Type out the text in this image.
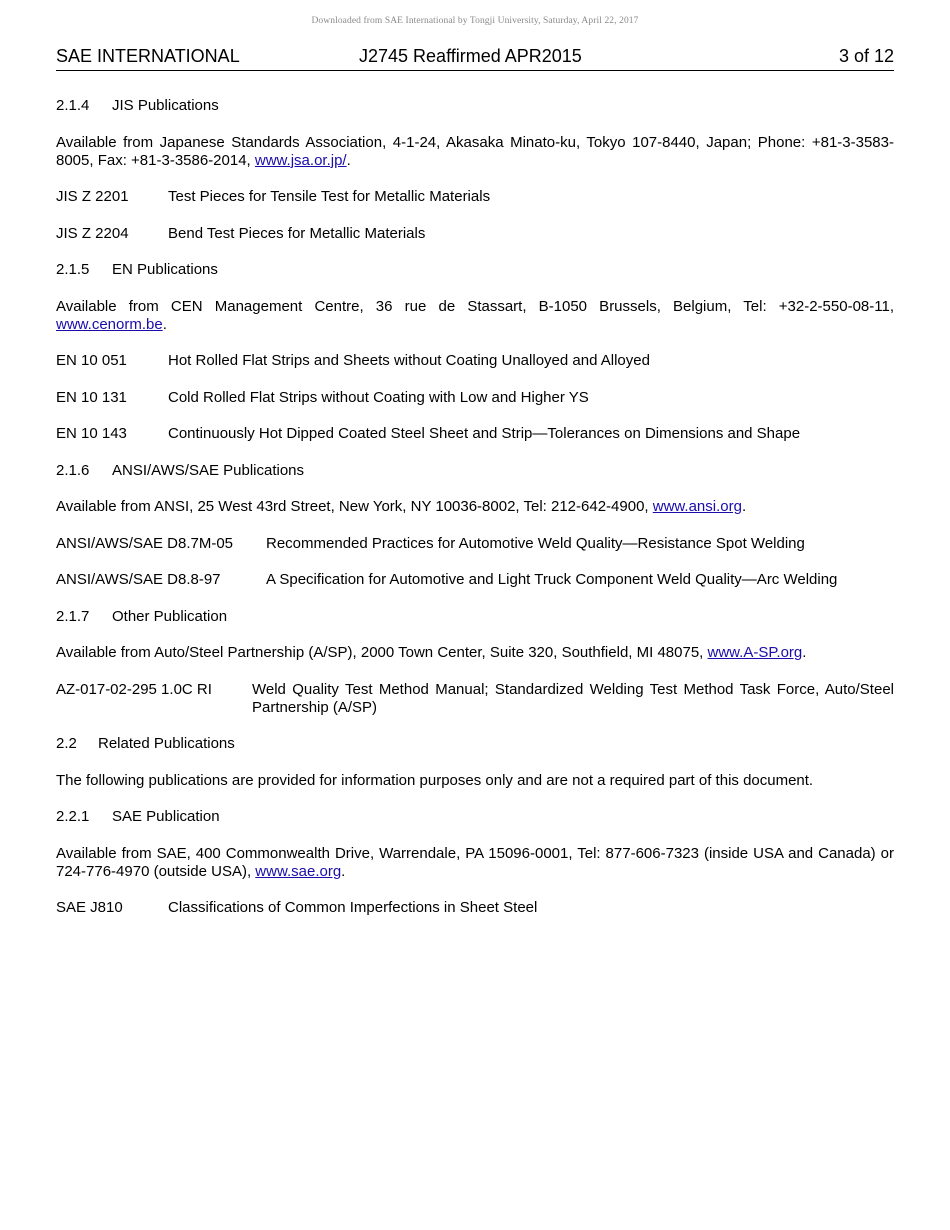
Downloaded from SAE International by Tongji University, Saturday, April 22, 2017
SAE INTERNATIONAL	J2745 Reaffirmed APR2015	3 of 12
2.1.4 JIS Publications
Available from Japanese Standards Association, 4-1-24, Akasaka Minato-ku, Tokyo 107-8440, Japan; Phone: +81-3-3583-8005, Fax: +81-3-3586-2014, www.jsa.or.jp/.
JIS Z 2201	Test Pieces for Tensile Test for Metallic Materials
JIS Z 2204	Bend Test Pieces for Metallic Materials
2.1.5 EN Publications
Available from CEN Management Centre, 36 rue de Stassart, B-1050 Brussels, Belgium, Tel: +32-2-550-08-11, www.cenorm.be.
EN 10 051	Hot Rolled Flat Strips and Sheets without Coating Unalloyed and Alloyed
EN 10 131	Cold Rolled Flat Strips without Coating with Low and Higher YS
EN 10 143	Continuously Hot Dipped Coated Steel Sheet and Strip—Tolerances on Dimensions and Shape
2.1.6 ANSI/AWS/SAE Publications
Available from ANSI, 25 West 43rd Street, New York, NY 10036-8002, Tel: 212-642-4900, www.ansi.org.
ANSI/AWS/SAE D8.7M-05	Recommended Practices for Automotive Weld Quality—Resistance Spot Welding
ANSI/AWS/SAE D8.8-97	A Specification for Automotive and Light Truck Component Weld Quality—Arc Welding
2.1.7 Other Publication
Available from Auto/Steel Partnership (A/SP), 2000 Town Center, Suite 320, Southfield, MI 48075, www.A-SP.org.
AZ-017-02-295 1.0C RI	Weld Quality Test Method Manual; Standardized Welding Test Method Task Force, Auto/Steel Partnership (A/SP)
2.2 Related Publications
The following publications are provided for information purposes only and are not a required part of this document.
2.2.1 SAE Publication
Available from SAE, 400 Commonwealth Drive, Warrendale, PA 15096-0001, Tel: 877-606-7323 (inside USA and Canada) or 724-776-4970 (outside USA), www.sae.org.
SAE J810	Classifications of Common Imperfections in Sheet Steel
